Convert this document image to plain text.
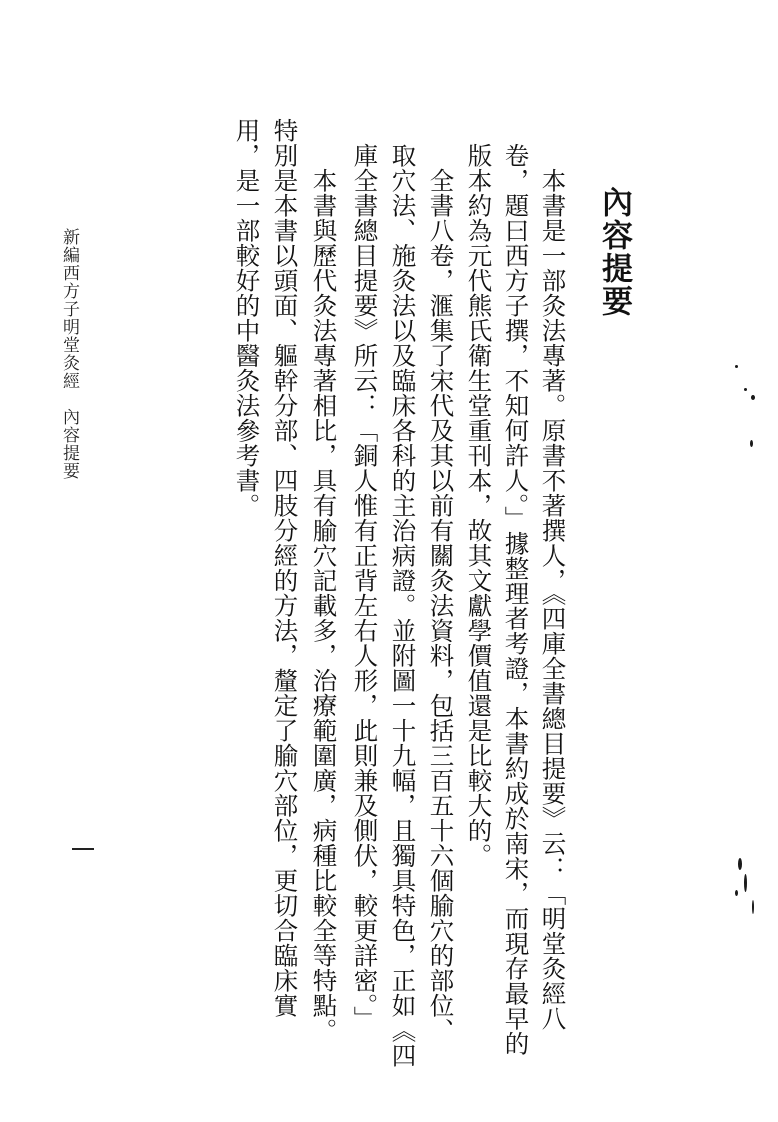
內容提要
本書是一部灸法專著。原書不著撰人，《四庫全書總目提要》云：「明堂灸經八
卷，題曰西方子撰，不知何許人。」據整理者考證，本書約成於南宋，而現存最早的
版本約為元代熊氏衛生堂重刊本，故其文獻學價值還是比較大的。
全書八卷，滙集了宋代及其以前有關灸法資料，包括三百五十六個腧穴的部位、
取穴法、施灸法以及臨床各科的主治病證。並附圖一十九幅，且獨具特色，正如《四
庫全書總目提要》所云：「銅人惟有正背左右人形，此則兼及側伏，較更詳密。」
本書與歷代灸法專著相比，具有腧穴記載多，治療範圍廣，病種比較全等特點。
特別是本書以頭面、軀幹分部、四肢分經的方法，釐定了腧穴部位，更切合臨床實
用，是一部較好的中醫灸法參考書。
新編西方子明堂灸經　內容提要
